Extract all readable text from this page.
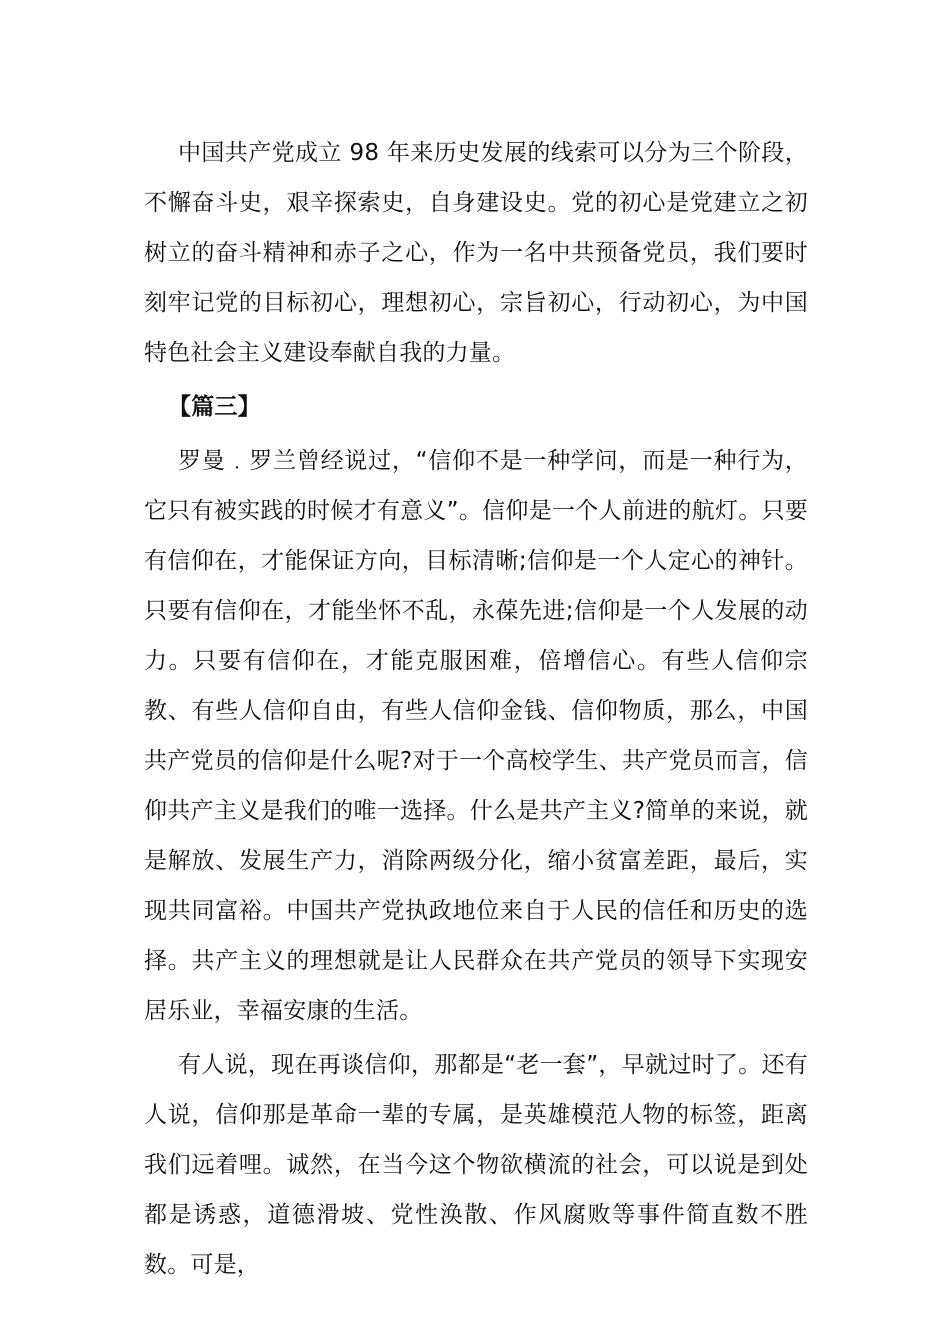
中国共产党成立 98 年来历史发展的线索可以分为三个阶段，不懈奋斗史，艰辛探索史，自身建设史。党的初心是党建立之初树立的奋斗精神和赤子之心，作为一名中共预备党员，我们要时刻牢记党的目标初心，理想初心，宗旨初心，行动初心，为中国特色社会主义建设奉献自我的力量。

【篇三】

罗曼﹒罗兰曾经说过，“信仰不是一种学问，而是一种行为，它只有被实践的时候才有意义”。信仰是一个人前进的航灯。只要有信仰在，才能保证方向，目标清晰;信仰是一个人定心的神针。只要有信仰在，才能坐怀不乱，永葆先进;信仰是一个人发展的动力。只要有信仰在，才能克服困难，倍增信心。有些人信仰宗教、有些人信仰自由，有些人信仰金钱、信仰物质，那么，中国共产党员的信仰是什么呢?对于一个高校学生、共产党员而言，信仰共产主义是我们的唯一选择。什么是共产主义?简单的来说，就是解放、发展生产力，消除两级分化，缩小贫富差距，最后，实现共同富裕。中国共产党执政地位来自于人民的信任和历史的选择。共产主义的理想就是让人民群众在共产党员的领导下实现安居乐业，幸福安康的生活。

有人说，现在再谈信仰，那都是“老一套”，早就过时了。还有人说，信仰那是革命一辈的专属，是英雄模范人物的标签，距离我们远着哩。诚然，在当今这个物欲横流的社会，可以说是到处都是诱惑，道德滑坡、党性涣散、作风腐败等事件简直数不胜数。可是，
